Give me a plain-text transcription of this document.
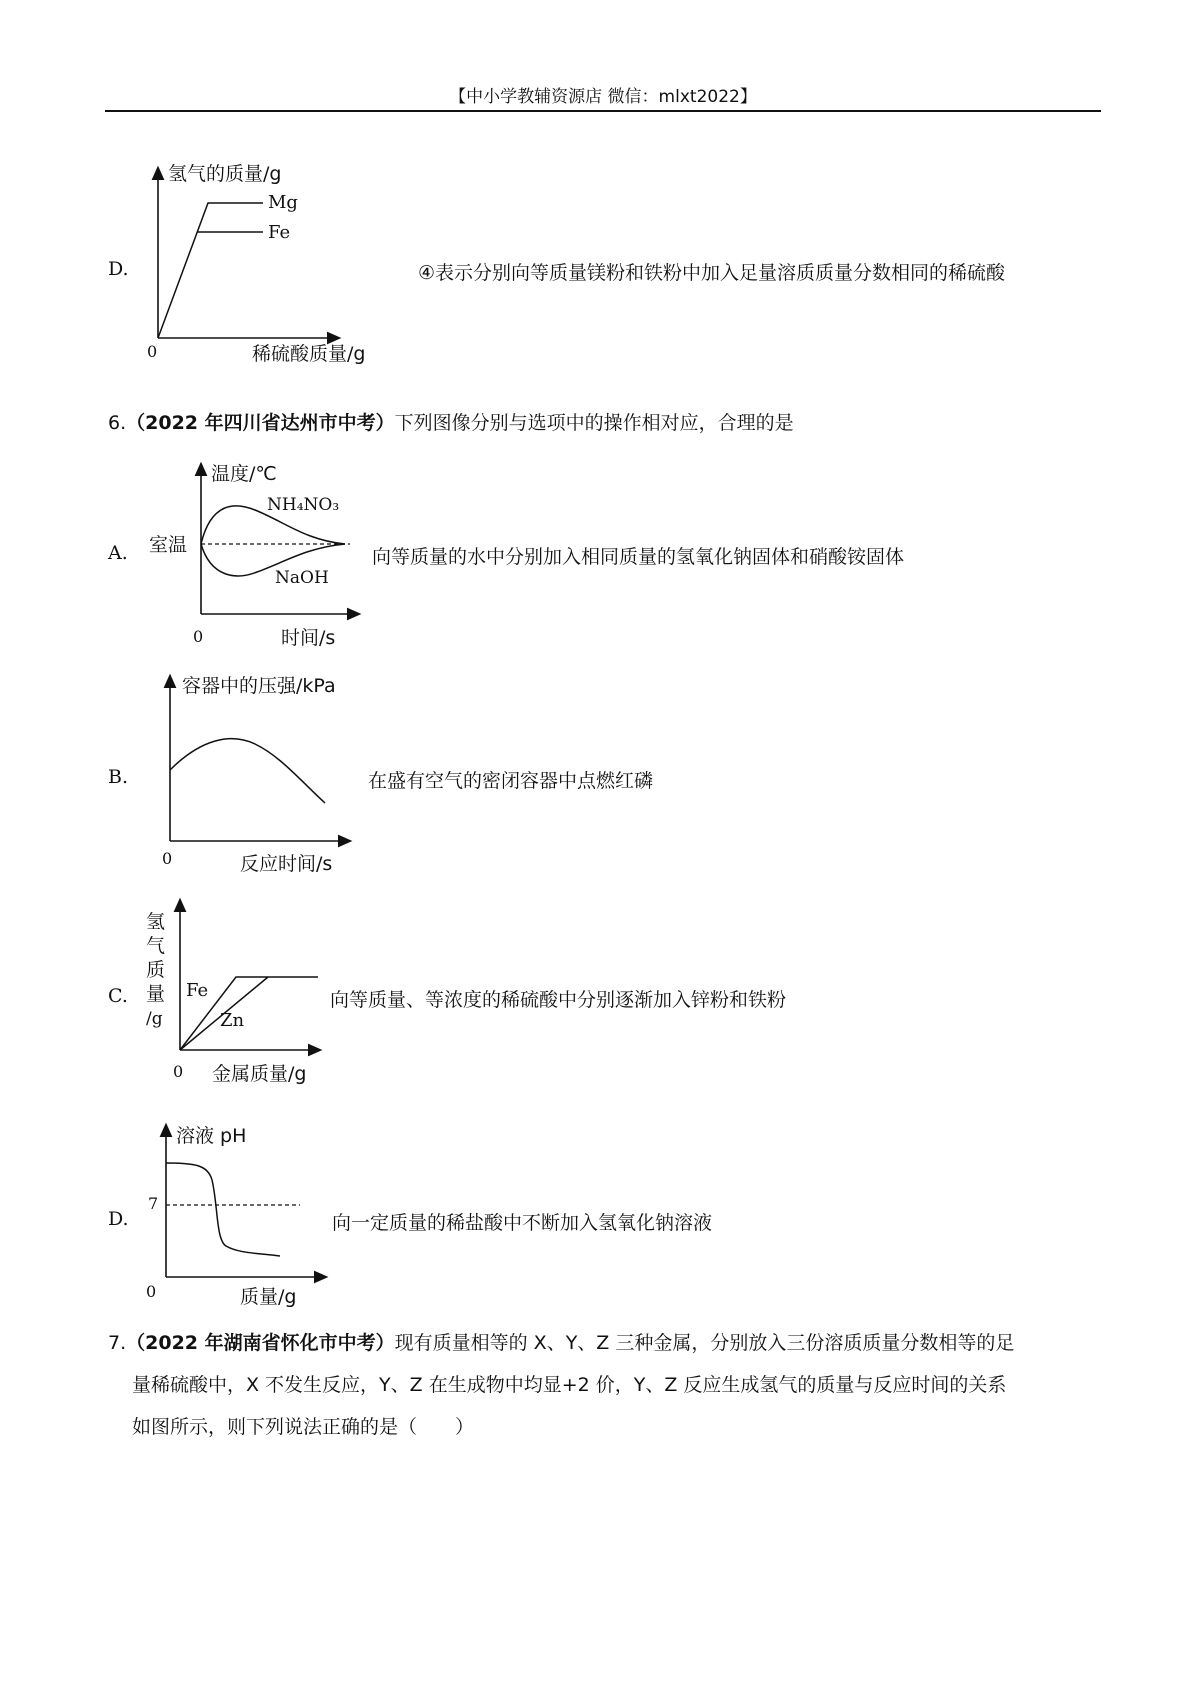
【中小学教辅资源店 微信：mlxt2022】
D.
氢气的质量/g
0	稀硫酸质量/g
Mg
Fe
④表示分别向等质量镁粉和铁粉中加入足量溶质质量分数相同的稀硫酸
6.（2022 年四川省达州市中考）下列图像分别与选项中的操作相对应，合理的是
A.
温度/℃
室温
NH₄NO₃
NaOH
0	时间/s
向等质量的水中分别加入相同质量的氢氧化钠固体和硝酸铵固体
B.
容器中的压强/kPa
0	反应时间/s
在盛有空气的密闭容器中点燃红磷
C.
氢
气
质
量
/g
Fe
Zn
0 金属质量/g
向等质量、等浓度的稀硫酸中分别逐渐加入锌粉和铁粉
D.
溶液 pH
7
0	质量/g
向一定质量的稀盐酸中不断加入氢氧化钠溶液
7.（2022 年湖南省怀化市中考）现有质量相等的 X、Y、Z 三种金属，分别放入三份溶质质量分数相等的足
量稀硫酸中，X 不发生反应，Y、Z 在生成物中均显+2 价，Y、Z 反应生成氢气的质量与反应时间的关系
如图所示，则下列说法正确的是（　　）
